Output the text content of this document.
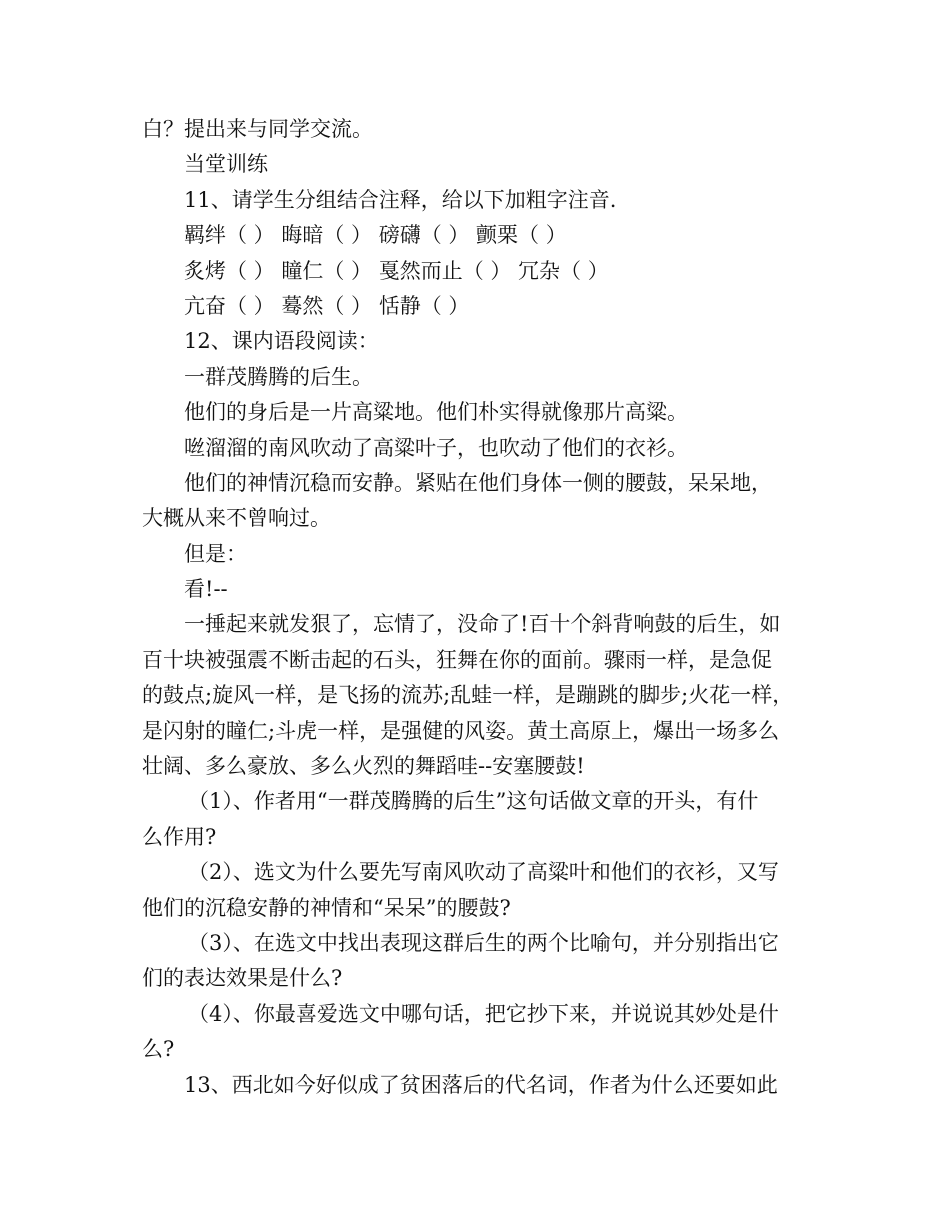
白？提出来与同学交流。
当堂训练
11、请学生分组结合注释，给以下加粗字注音.
羁绊（ ） 晦暗（ ） 磅礴（ ） 颤栗（ ）
炙烤（ ） 瞳仁（ ） 戛然而止（ ） 冗杂（ ）
亢奋（ ） 蓦然（ ） 恬静（ ）
12、课内语段阅读：
一群茂腾腾的后生。
他们的身后是一片高粱地。他们朴实得就像那片高粱。
咝溜溜的南风吹动了高粱叶子，也吹动了他们的衣衫。
他们的神情沉稳而安静。紧贴在他们身体一侧的腰鼓，呆呆地，
大概从来不曾响过。
但是：
看!--
一捶起来就发狠了，忘情了，没命了!百十个斜背响鼓的后生，如
百十块被强震不断击起的石头，狂舞在你的面前。骤雨一样，是急促
的鼓点;旋风一样，是飞扬的流苏;乱蛙一样，是蹦跳的脚步;火花一样，
是闪射的瞳仁;斗虎一样，是强健的风姿。黄土高原上，爆出一场多么
壮阔、多么豪放、多么火烈的舞蹈哇--安塞腰鼓!
（1）、作者用“一群茂腾腾的后生”这句话做文章的开头，有什
么作用?
（2）、选文为什么要先写南风吹动了高粱叶和他们的衣衫，又写
他们的沉稳安静的神情和“呆呆”的腰鼓?
（3）、在选文中找出表现这群后生的两个比喻句，并分别指出它
们的表达效果是什么?
（4）、你最喜爱选文中哪句话，把它抄下来，并说说其妙处是什
么?
13、西北如今好似成了贫困落后的代名词，作者为什么还要如此
